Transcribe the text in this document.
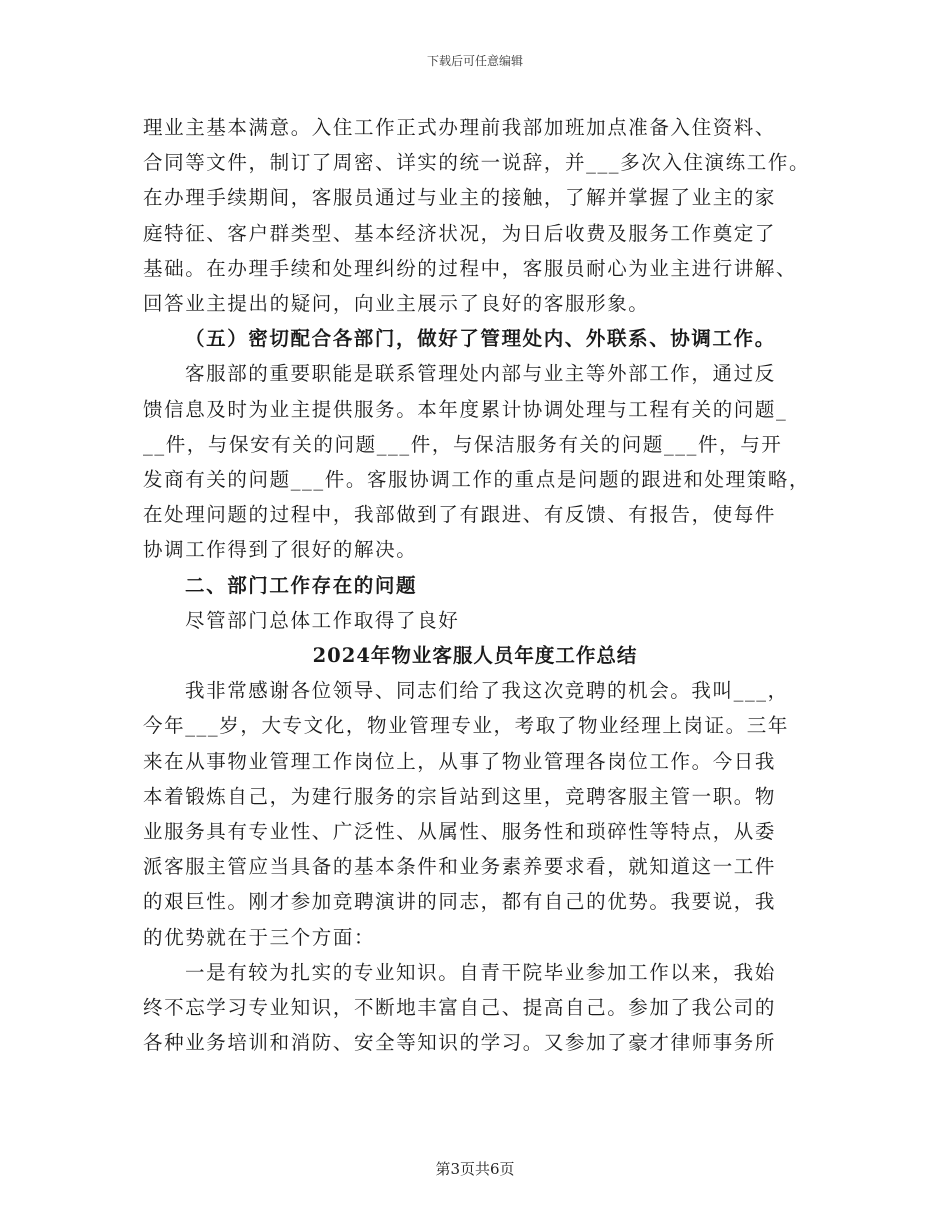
下载后可任意编辑
理业主基本满意。入住工作正式办理前我部加班加点准备入住资料、
合同等文件，制订了周密、详实的统一说辞，并___多次入住演练工作。
在办理手续期间，客服员通过与业主的接触，了解并掌握了业主的家
庭特征、客户群类型、基本经济状况，为日后收费及服务工作奠定了
基础。在办理手续和处理纠纷的过程中，客服员耐心为业主进行讲解、
回答业主提出的疑问，向业主展示了良好的客服形象。
（五）密切配合各部门，做好了管理处内、外联系、协调工作。
客服部的重要职能是联系管理处内部与业主等外部工作，通过反
馈信息及时为业主提供服务。本年度累计协调处理与工程有关的问题_
__件，与保安有关的问题___件，与保洁服务有关的问题___件，与开
发商有关的问题___件。客服协调工作的重点是问题的跟进和处理策略，
在处理问题的过程中，我部做到了有跟进、有反馈、有报告，使每件
协调工作得到了很好的解决。
二、部门工作存在的问题
尽管部门总体工作取得了良好
2024年物业客服人员年度工作总结
我非常感谢各位领导、同志们给了我这次竞聘的机会。我叫___，
今年___岁，大专文化，物业管理专业，考取了物业经理上岗证。三年
来在从事物业管理工作岗位上，从事了物业管理各岗位工作。今日我
本着锻炼自己，为建行服务的宗旨站到这里，竞聘客服主管一职。物
业服务具有专业性、广泛性、从属性、服务性和琐碎性等特点，从委
派客服主管应当具备的基本条件和业务素养要求看，就知道这一工件
的艰巨性。刚才参加竞聘演讲的同志，都有自己的优势。我要说，我
的优势就在于三个方面：
一是有较为扎实的专业知识。自青干院毕业参加工作以来，我始
终不忘学习专业知识，不断地丰富自己、提高自己。参加了我公司的
各种业务培训和消防、安全等知识的学习。又参加了豪才律师事务所
第3页共6页
